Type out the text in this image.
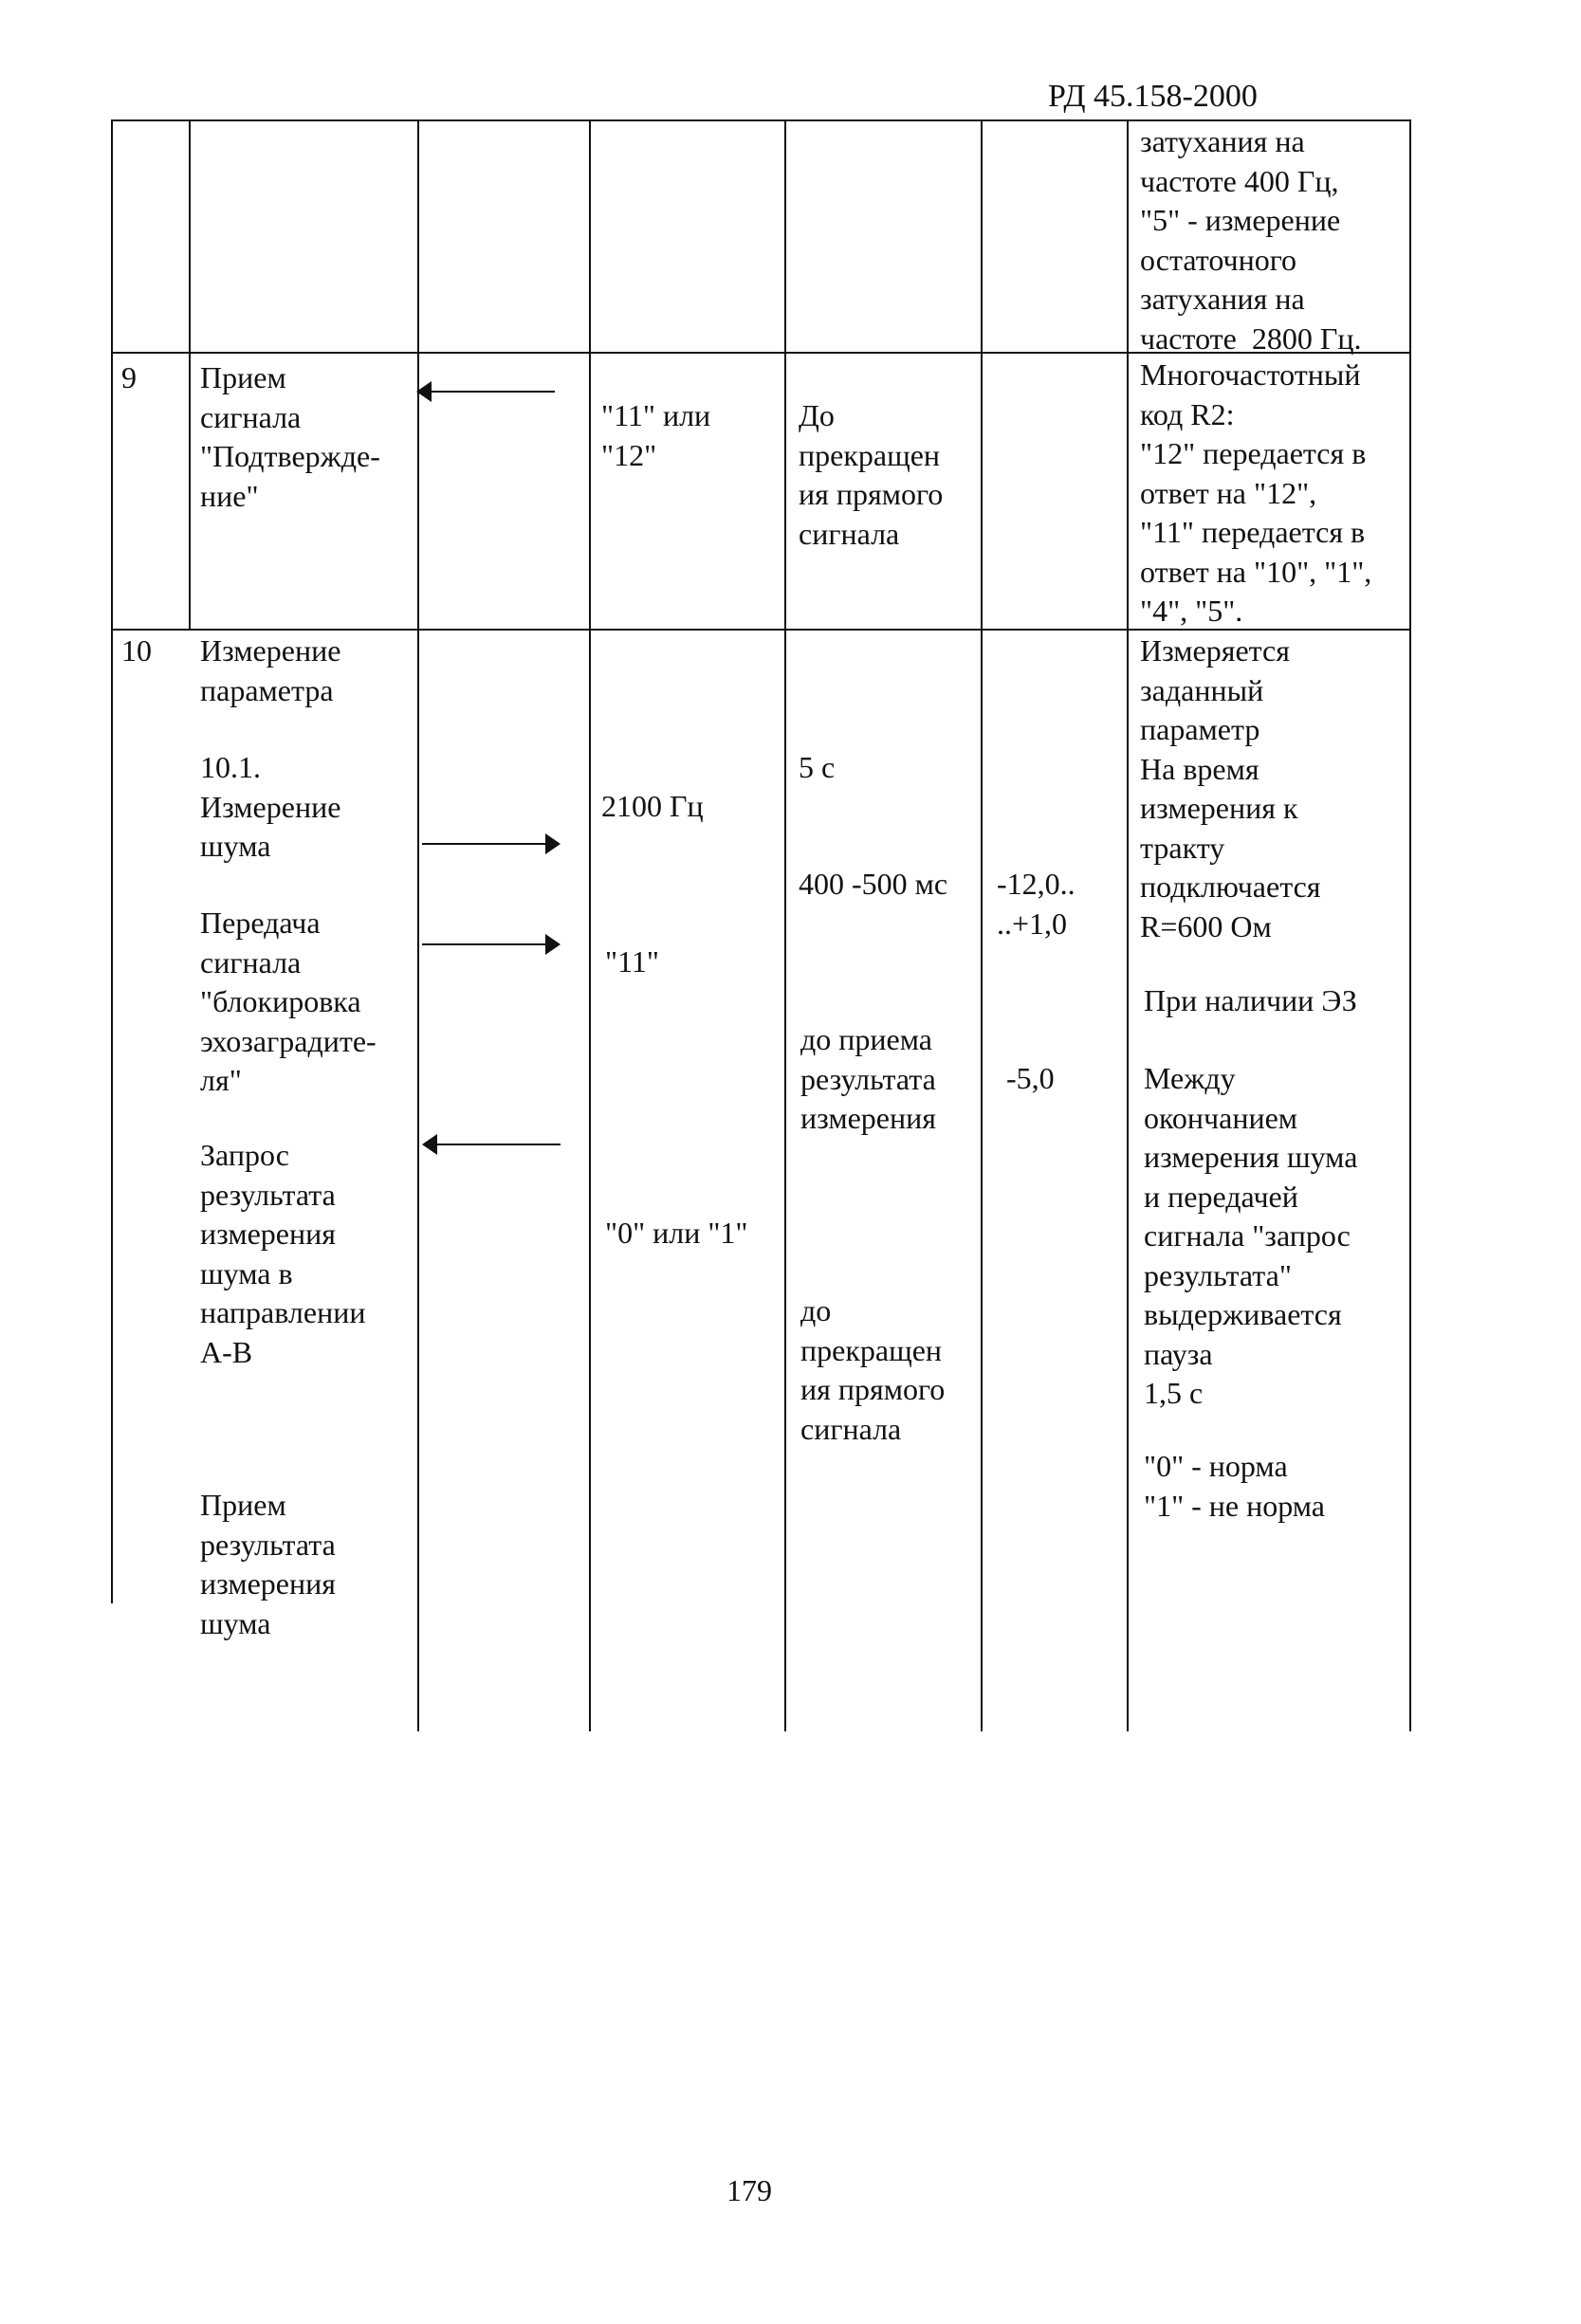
РД 45.158-2000
затухания на
частоте 400 Гц,
"5" - измерение
остаточного
затухания на
частоте  2800 Гц.
9 Прием
сигнала
"Подтвержде-
ние"
"11" или
"12"
До
прекращен
ия прямого
сигнала
Многочастотный
код R2:
"12" передается в
ответ на "12",
"11" передается в
ответ на "10", "1",
"4", "5".
10 Измерение
параметра
10.1.
Измерение
шума
Передача
сигнала
"блокировка
эхозаградите-
ля"
Запрос
результата
измерения
шума в
направлении
А-В
Прием
результата
измерения
шума
2100 Гц
"11"
"0" или "1"
5 с
400 -500 мс
до приема
результата
измерения
до
прекращен
ия прямого
сигнала
-12,0..
..+1,0
-5,0
Измеряется
заданный
параметр
На время
измерения к
тракту
подключается
R=600 Ом
При наличии ЭЗ
Между
окончанием
измерения шума
и передачей
сигнала "запрос
результата"
выдерживается
пауза
1,5 с
"0" - норма
"1" - не норма
179
